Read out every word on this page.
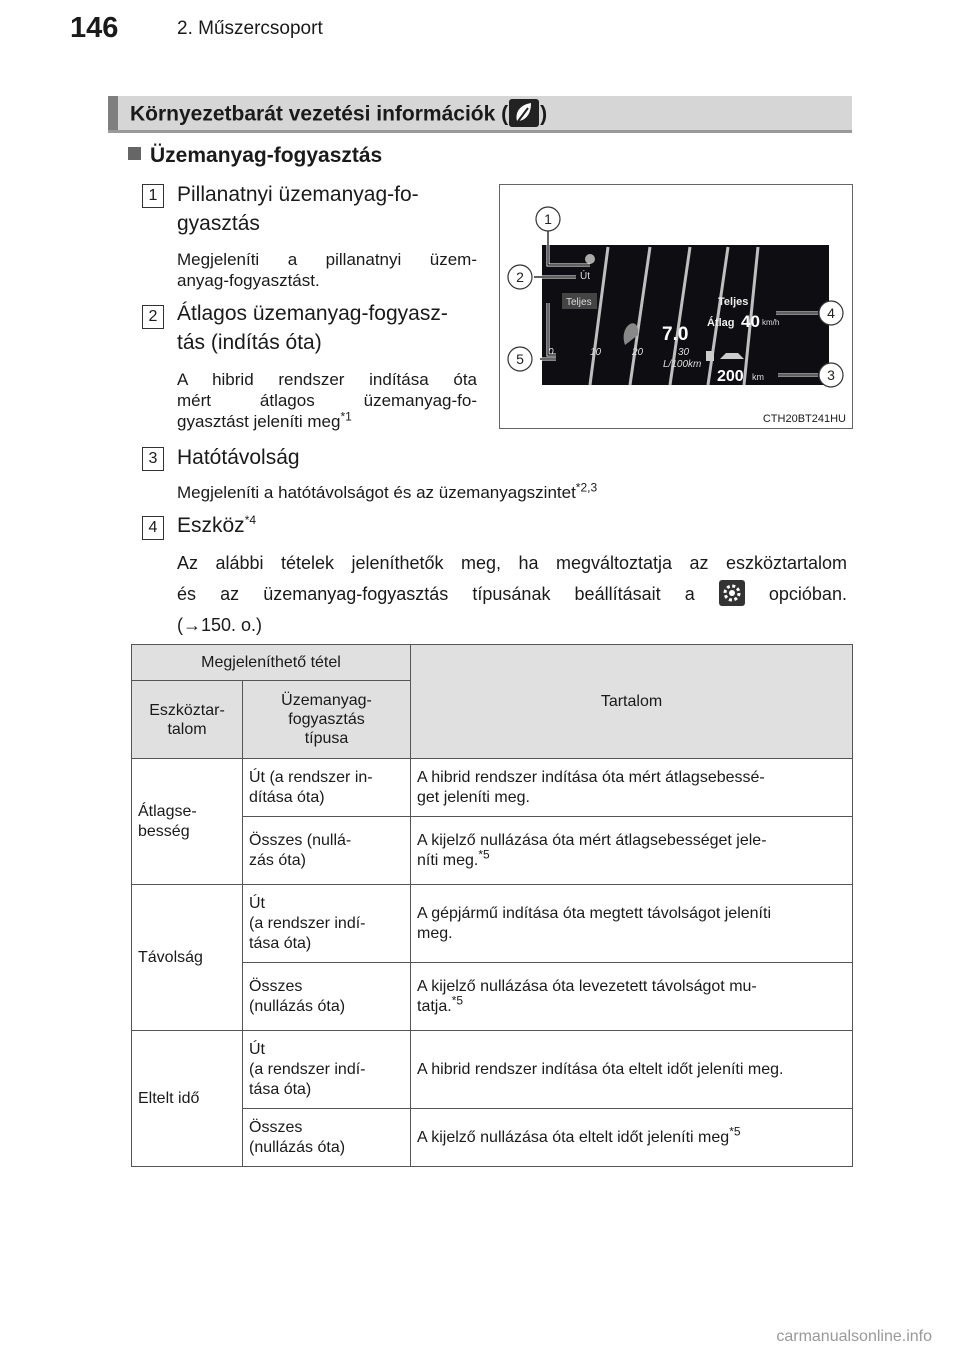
146	2. Műszercsoport
Környezetbarát vezetési információk ( )
Üzemanyag-fogyasztás
1 Pillanatnyi üzemanyag-fo-
gyasztás
Megjeleníti a pillanatnyi üzem-
anyag-fogyasztást.
2 Átlagos üzemanyag-fogyasz-
tás (indítás óta)
A hibrid rendszer indítása óta
mért átlagos üzemanyag-fo-
gyasztást jeleníti meg$^{*1}$
Út
Teljes	Teljes
Átlag 40 km/h
7.0
0	10	20	30
L/100km
200 km
1
2
4
5
3
CTH20BT241HU
3 Hatótávolság
Megjeleníti a hatótávolságot és az üzemanyagszintet$^{*2,3}$
4 Eszköz$^{*4}$
Az alábbi tételek jeleníthetők meg, ha megváltoztatja az eszköztartalom
és az üzemanyag-fogyasztás típusának beállításait a	opcióban.
(→150. o.)
Megjeleníthető tétel		Tartalom
Eszköztar-
talom	Üzemanyag-
fogyasztás
típusa	
Átlagse-
besség	Út (a rendszer in-
dítása óta)	A hibrid rendszer indítása óta mért átlagsebessé-
get jeleníti meg.
	Összes (nullá-
zás óta)	A kijelző nullázása óta mért átlagsebességet jele-
níti meg.$^{*5}$
Távolság	Út
(a rendszer indí-
tása óta)	A gépjármű indítása óta megtett távolságot jeleníti
meg.
	Összes
(nullázás óta)	A kijelző nullázása óta levezetett távolságot mu-
tatja.$^{*5}$
Eltelt idő	Út
(a rendszer indí-
tása óta)	A hibrid rendszer indítása óta eltelt időt jeleníti meg.
	Összes
(nullázás óta)	A kijelző nullázása óta eltelt időt jeleníti meg$^{*5}$
carmanualsonline.info
